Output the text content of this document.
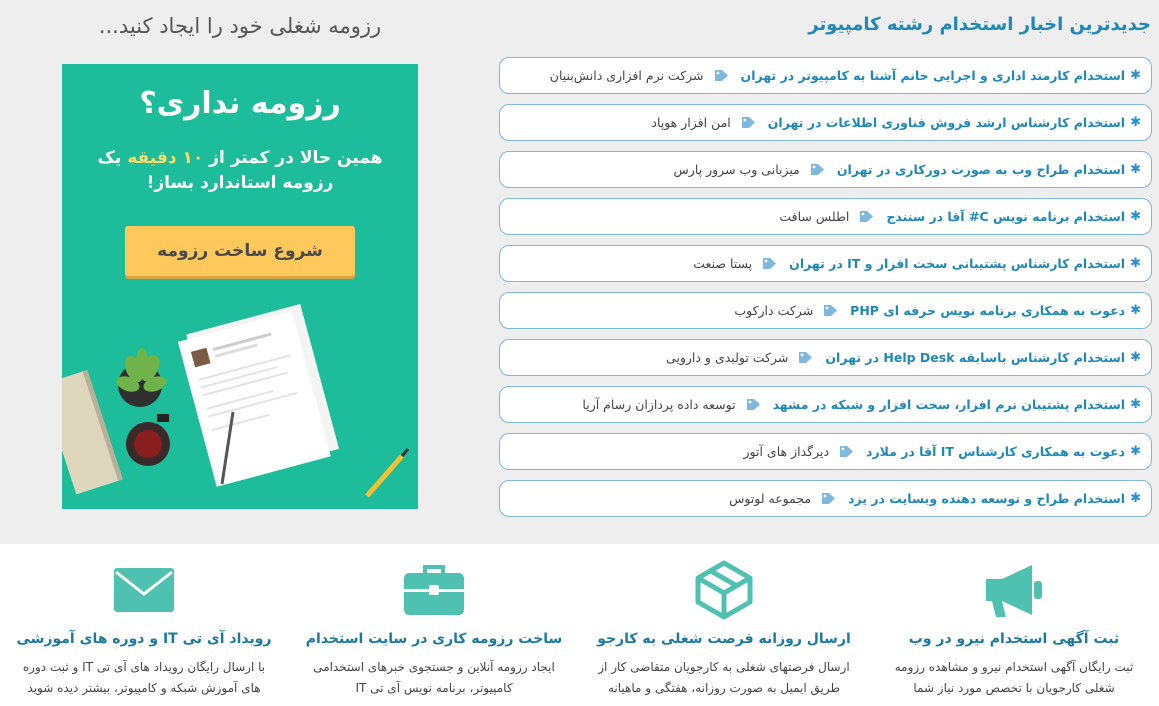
جدیدترین اخبار استخدام رشته کامپیوتر
✱
استخدام کارمند اداری و اجرایی خانم آشنا به کامپیوتر در تهران
شرکت نرم افزاری دانش‌بنیان
✱
استخدام کارشناس ارشد فروش فناوری اطلاعات در تهران
امن افزار هوپاد
✱
استخدام طراح وب به صورت دورکاری در تهران
میزبانی وب سرور پارس
✱
استخدام برنامه نویس C# آقا در سنندج
اطلس سافت
✱
استخدام کارشناس پشتیبانی سخت افزار و IT در تهران
پستا صنعت
✱
دعوت به همکاری برنامه نویس حرفه ای PHP
شرکت دارکوب
✱
استخدام کارشناس باسابقه Help Desk در تهران
شرکت تولیدی و دارویی
✱
استخدام پشتیبان نرم افزار، سخت افزار و شبکه در مشهد
توسعه داده پردازان رسام آریا
✱
دعوت به همکاری کارشناس IT آقا در ملارد
دیرگداز های آتور
✱
استخدام طراح و توسعه دهنده وبسایت در یزد
مجموعه لوتوس
رزومه شغلی خود را ایجاد کنید...
رزومه نداری؟
همین حالا در کمتر از ۱۰ دقیقه یک
رزومه استاندارد بساز!
شروع ساخت رزومه
ثبت آگهی استخدام نیرو در وب
ثبت رایگان آگهی استخدام نیرو و مشاهده رزومه شغلی کارجویان با تخصص مورد نیاز شما
ارسال روزانه فرصت شغلی به کارجو
ارسال فرصتهای شغلی به کارجویان متقاضی کار از طریق ایمیل به صورت روزانه، هفتگی و ماهیانه
ساخت رزومه کاری در سایت استخدام
ایجاد رزومه آنلاین و جستجوی خبرهای استخدامی کامپیوتر، برنامه نویس آی تی IT
رویداد آی تی IT و دوره های آموزشی
با ارسال رایگان رویداد های آی تی IT و ثبت دوره های آموزش شبکه و کامپیوتر، بیشتر دیده شوید
